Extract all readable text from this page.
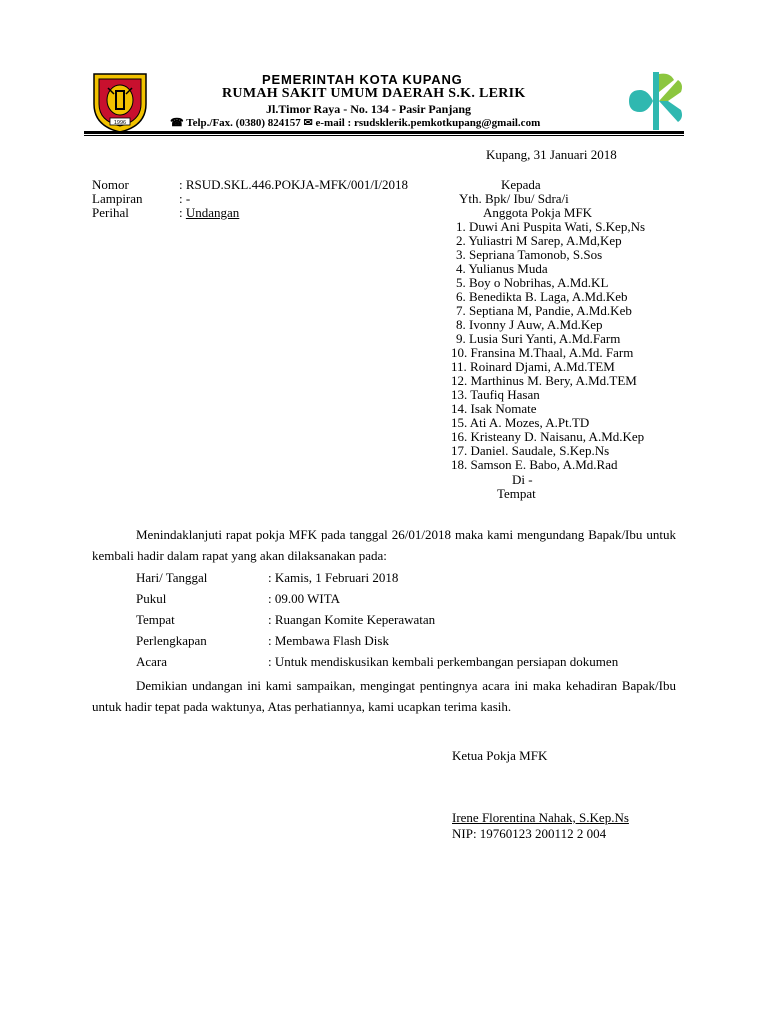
1996
PEMERINTAH KOTA KUPANG
RUMAH SAKIT UMUM DAERAH S.K. LERIK
Jl.Timor Raya - No. 134 - Pasir Panjang
☎ Telp./Fax. (0380) 824157 ✉ e-mail : rsudsklerik.pemkotkupang@gmail.com
Kupang, 31 Januari 2018
Nomor	: RSUD.SKL.446.POKJA-MFK/001/I/2018
Lampiran	: -
Perihal	: Undangan
Kepada
Yth. Bpk/ Ibu/ Sdra/i
Anggota Pokja MFK
1. Duwi Ani Puspita Wati, S.Kep,Ns
2. Yuliastri M Sarep, A.Md,Kep
3. Sepriana Tamonob, S.Sos
4. Yulianus Muda
5. Boy o Nobrihas, A.Md.KL
6. Benedikta B. Laga, A.Md.Keb
7. Septiana M, Pandie, A.Md.Keb
8. Ivonny J Auw, A.Md.Kep
9. Lusia Suri Yanti, A.Md.Farm
10. Fransina M.Thaal, A.Md. Farm
11. Roinard Djami, A.Md.TEM
12. Marthinus M. Bery, A.Md.TEM
13. Taufiq Hasan
14. Isak Nomate
15. Ati A. Mozes, A.Pt.TD
16. Kristeany D. Naisanu, A.Md.Kep
17. Daniel. Saudale, S.Kep.Ns
18. Samson E. Babo, A.Md.Rad
Di -
Tempat
Menindaklanjuti rapat pokja MFK pada tanggal 26/01/2018 maka kami mengundang Bapak/Ibu untuk kembali hadir dalam rapat yang akan dilaksanakan pada:
Hari/ Tanggal	: Kamis, 1 Februari 2018
Pukul	: 09.00 WITA
Tempat	: Ruangan Komite Keperawatan
Perlengkapan	: Membawa Flash Disk
Acara	: Untuk mendiskusikan kembali perkembangan persiapan dokumen
Demikian undangan ini kami sampaikan, mengingat pentingnya acara ini maka kehadiran Bapak/Ibu untuk hadir tepat pada waktunya, Atas perhatiannya, kami ucapkan terima kasih.
Ketua Pokja MFK
Irene Florentina Nahak, S.Kep.Ns
NIP: 19760123 200112 2 004
